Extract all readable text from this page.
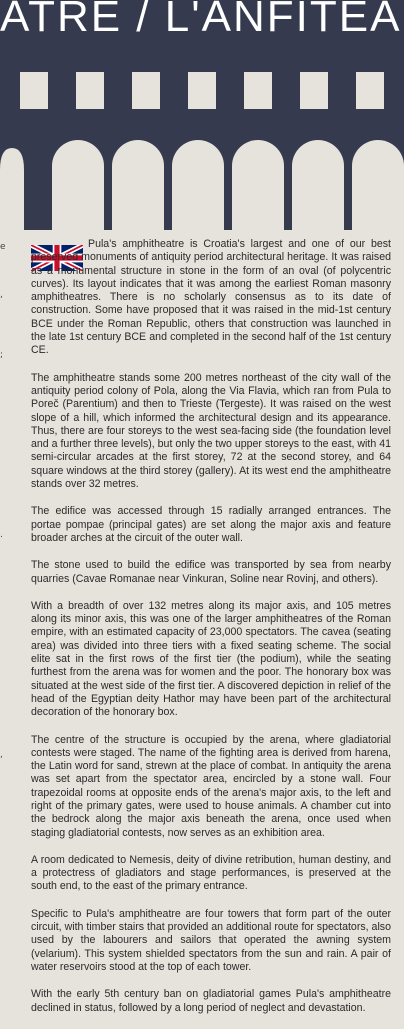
ATRE / L'ANFITEA
e
,
;
.
,

Pula's amphitheatre is Croatia's largest and one of our best preserved monuments of antiquity period architectural heritage. It was raised as a monumental structure in stone in the form of an oval (of polycentric curves). Its layout indicates that it was among the earliest Roman masonry amphitheatres. There is no scholarly consensus as to its date of construction. Some have proposed that it was raised in the mid-1st century BCE under the Roman Republic, others that construction was launched in the late 1st century BCE and completed in the second half of the 1st century CE.

The amphitheatre stands some 200 metres northeast of the city wall of the antiquity period colony of Pola, along the Via Flavia, which ran from Pula to Poreč (Parentium) and then to Trieste (Tergeste). It was raised on the west slope of a hill, which informed the architectural design and its appearance. Thus, there are four storeys to the west sea-facing side (the foundation level and a further three levels), but only the two upper storeys to the east, with 41 semi-circular arcades at the first storey, 72 at the second storey, and 64 square windows at the third storey (gallery). At its west end the amphitheatre stands over 32 metres.

The edifice was accessed through 15 radially arranged entrances. The portae pompae (principal gates) are set along the major axis and feature broader arches at the circuit of the outer wall.

The stone used to build the edifice was transported by sea from nearby quarries (Cavae Romanae near Vinkuran, Soline near Rovinj, and others).

With a breadth of over 132 metres along its major axis, and 105 metres along its minor axis, this was one of the larger amphitheatres of the Roman empire, with an estimated capacity of 23,000 spectators. The cavea (seating area) was divided into three tiers with a fixed seating scheme. The social elite sat in the first rows of the first tier (the podium), while the seating furthest from the arena was for women and the poor. The honorary box was situated at the west side of the first tier. A discovered depiction in relief of the head of the Egyptian deity Hathor may have been part of the architectural decoration of the honorary box.

The centre of the structure is occupied by the arena, where gladiatorial contests were staged. The name of the fighting area is derived from harena, the Latin word for sand, strewn at the place of combat. In antiquity the arena was set apart from the spectator area, encircled by a stone wall. Four trapezoidal rooms at opposite ends of the arena's major axis, to the left and right of the primary gates, were used to house animals. A chamber cut into the bedrock along the major axis beneath the arena, once used when staging gladiatorial contests, now serves as an exhibition area.

A room dedicated to Nemesis, deity of divine retribution, human destiny, and a protectress of gladiators and stage performances, is preserved at the south end, to the east of the primary entrance.

Specific to Pula's amphitheatre are four towers that form part of the outer circuit, with timber stairs that provided an additional route for spectators, also used by the labourers and sailors that operated the awning system (velarium). This system shielded spectators from the sun and rain. A pair of water reservoirs stood at the top of each tower.

With the early 5th century ban on gladiatorial games Pula's amphitheatre declined in status, followed by a long period of neglect and devastation.
